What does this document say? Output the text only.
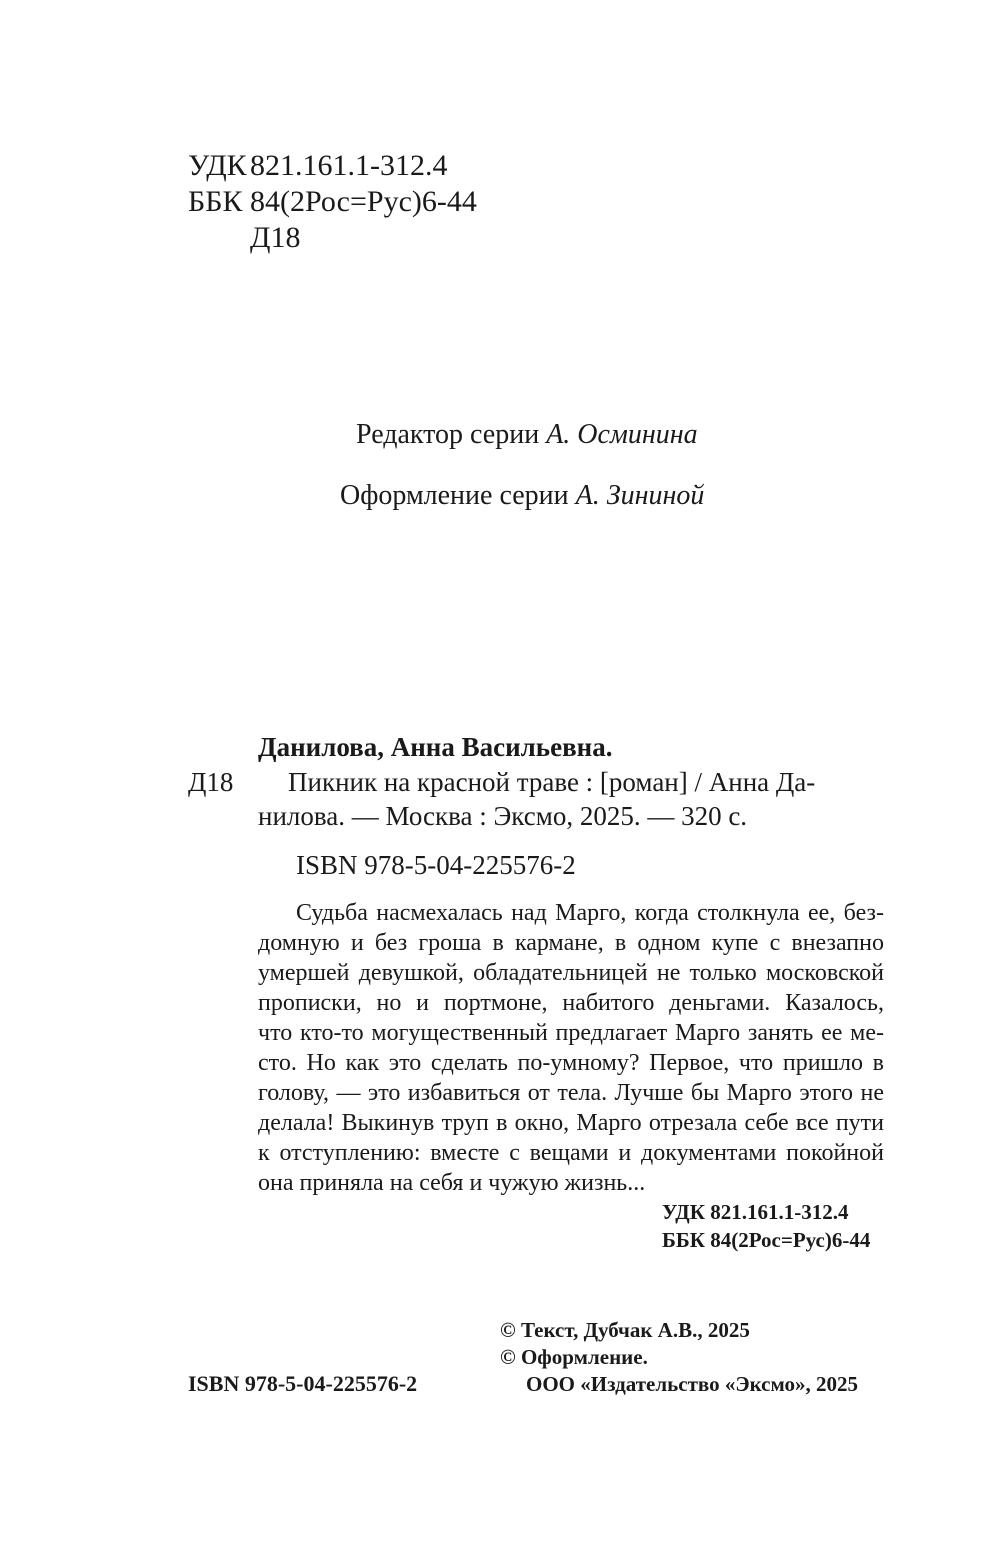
УДК 821.161.1-312.4
ББК 84(2Рос=Рус)6-44
Д18
Редактор серии А. Осминина
Оформление серии А. Зининой
Данилова, Анна Васильевна.
Д18 Пикник на красной траве : [роман] / Анна Да-
нилова. — Москва : Эксмо, 2025. — 320 с.
ISBN 978-5-04-225576-2
Судьба насмехалась над Марго, когда столкнула ее, без-
домную и без гроша в кармане, в одном купе с внезапно
умершей девушкой, обладательницей не только московской
прописки, но и портмоне, набитого деньгами. Казалось,
что кто-то могущественный предлагает Марго занять ее ме-
сто. Но как это сделать по-умному? Первое, что пришло в
голову, — это избавиться от тела. Лучше бы Марго этого не
делала! Выкинув труп в окно, Марго отрезала себе все пути
к отступлению: вместе с вещами и документами покойной
она приняла на себя и чужую жизнь...
УДК 821.161.1-312.4
ББК 84(2Рос=Рус)6-44
© Текст, Дубчак А.В., 2025
© Оформление.
ISBN 978-5-04-225576-2	ООО «Издательство «Эксмо», 2025
